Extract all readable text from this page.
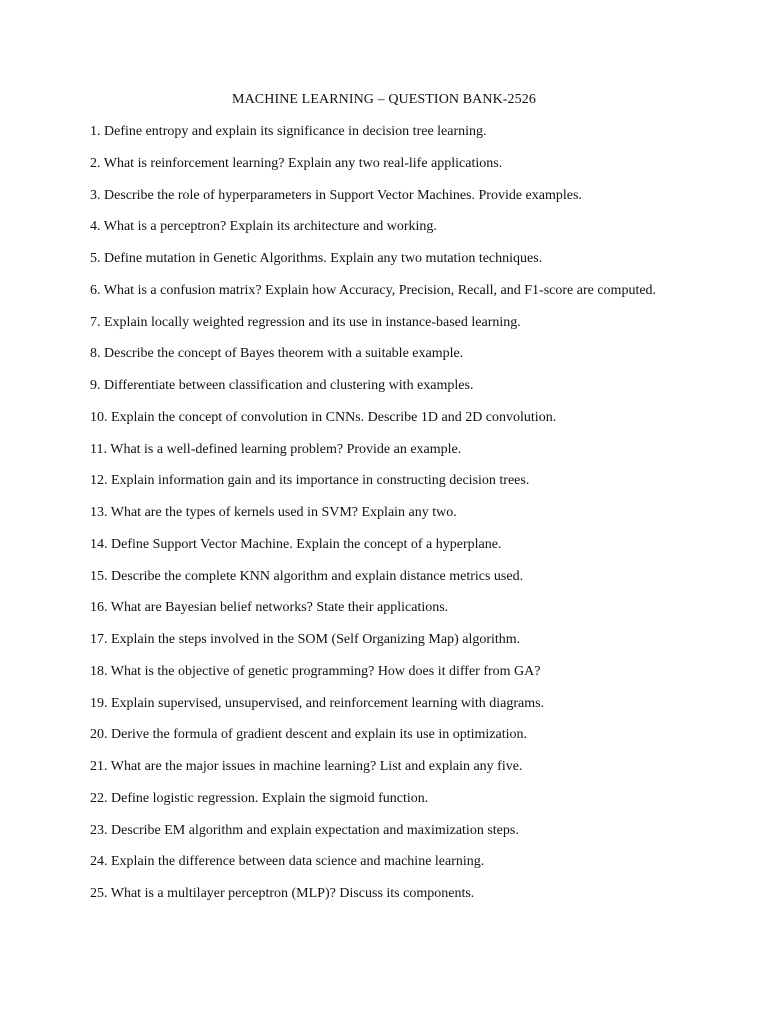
MACHINE LEARNING – QUESTION BANK-2526
1. Define entropy and explain its significance in decision tree learning.
2. What is reinforcement learning? Explain any two real-life applications.
3. Describe the role of hyperparameters in Support Vector Machines. Provide examples.
4. What is a perceptron? Explain its architecture and working.
5. Define mutation in Genetic Algorithms. Explain any two mutation techniques.
6. What is a confusion matrix? Explain how Accuracy, Precision, Recall, and F1-score are computed.
7. Explain locally weighted regression and its use in instance-based learning.
8. Describe the concept of Bayes theorem with a suitable example.
9. Differentiate between classification and clustering with examples.
10. Explain the concept of convolution in CNNs. Describe 1D and 2D convolution.
11. What is a well-defined learning problem? Provide an example.
12. Explain information gain and its importance in constructing decision trees.
13. What are the types of kernels used in SVM? Explain any two.
14. Define Support Vector Machine. Explain the concept of a hyperplane.
15. Describe the complete KNN algorithm and explain distance metrics used.
16. What are Bayesian belief networks? State their applications.
17. Explain the steps involved in the SOM (Self Organizing Map) algorithm.
18. What is the objective of genetic programming? How does it differ from GA?
19. Explain supervised, unsupervised, and reinforcement learning with diagrams.
20. Derive the formula of gradient descent and explain its use in optimization.
21. What are the major issues in machine learning? List and explain any five.
22. Define logistic regression. Explain the sigmoid function.
23. Describe EM algorithm and explain expectation and maximization steps.
24. Explain the difference between data science and machine learning.
25. What is a multilayer perceptron (MLP)? Discuss its components.
